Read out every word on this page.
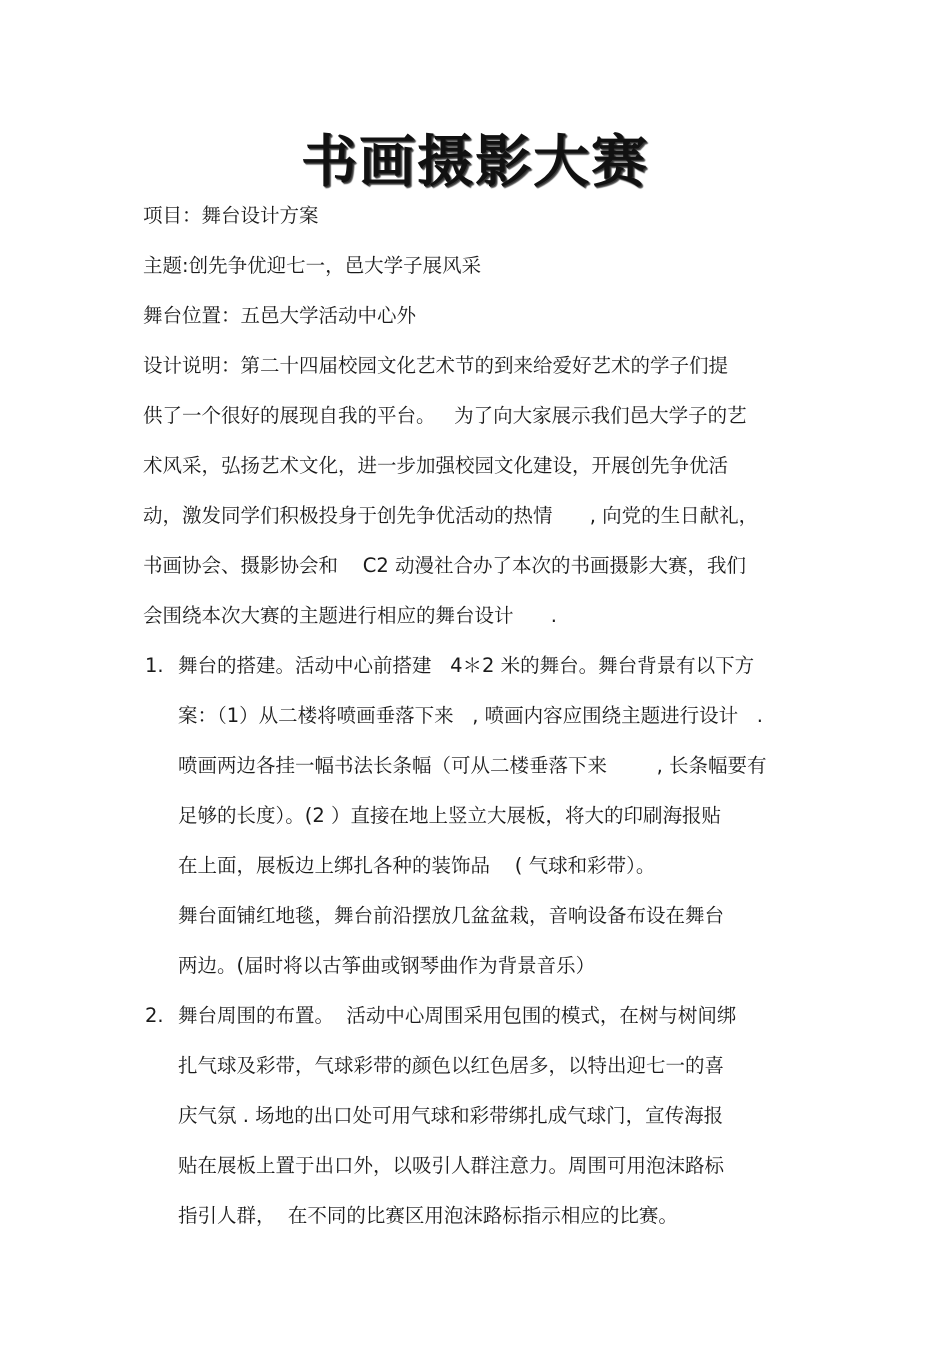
书画摄影大赛
项目：舞台设计方案
主题:创先争优迎七一，邑大学子展风采
舞台位置：五邑大学活动中心外
设计说明：第二十四届校园文化艺术节的到来给爱好艺术的学子们提
供了一个很好的展现自我的平台。   为了向大家展示我们邑大学子的艺
术风采，弘扬艺术文化，进一步加强校园文化建设，开展创先争优活
动，激发同学们积极投身于创先争优活动的热情      , 向党的生日献礼，
书画协会、摄影协会和    C2 动漫社合办了本次的书画摄影大赛，我们
会围绕本次大赛的主题进行相应的舞台设计      .
1. 舞台的搭建。活动中心前搭建   4＊2 米的舞台。舞台背景有以下方
案：（1）从二楼将喷画垂落下来   , 喷画内容应围绕主题进行设计   .
喷画两边各挂一幅书法长条幅（可从二楼垂落下来        , 长条幅要有
足够的长度）。(2 ）直接在地上竖立大展板，将大的印刷海报贴
在上面，展板边上绑扎各种的装饰品    ( 气球和彩带）。
舞台面铺红地毯，舞台前沿摆放几盆盆栽，音响设备布设在舞台
两边。(届时将以古筝曲或钢琴曲作为背景音乐）
2. 舞台周围的布置。  活动中心周围采用包围的模式，在树与树间绑
扎气球及彩带，气球彩带的颜色以红色居多，以特出迎七一的喜
庆气氛 . 场地的出口处可用气球和彩带绑扎成气球门，宣传海报
贴在展板上置于出口外，以吸引人群注意力。周围可用泡沫路标
指引人群，  在不同的比赛区用泡沫路标指示相应的比赛。
